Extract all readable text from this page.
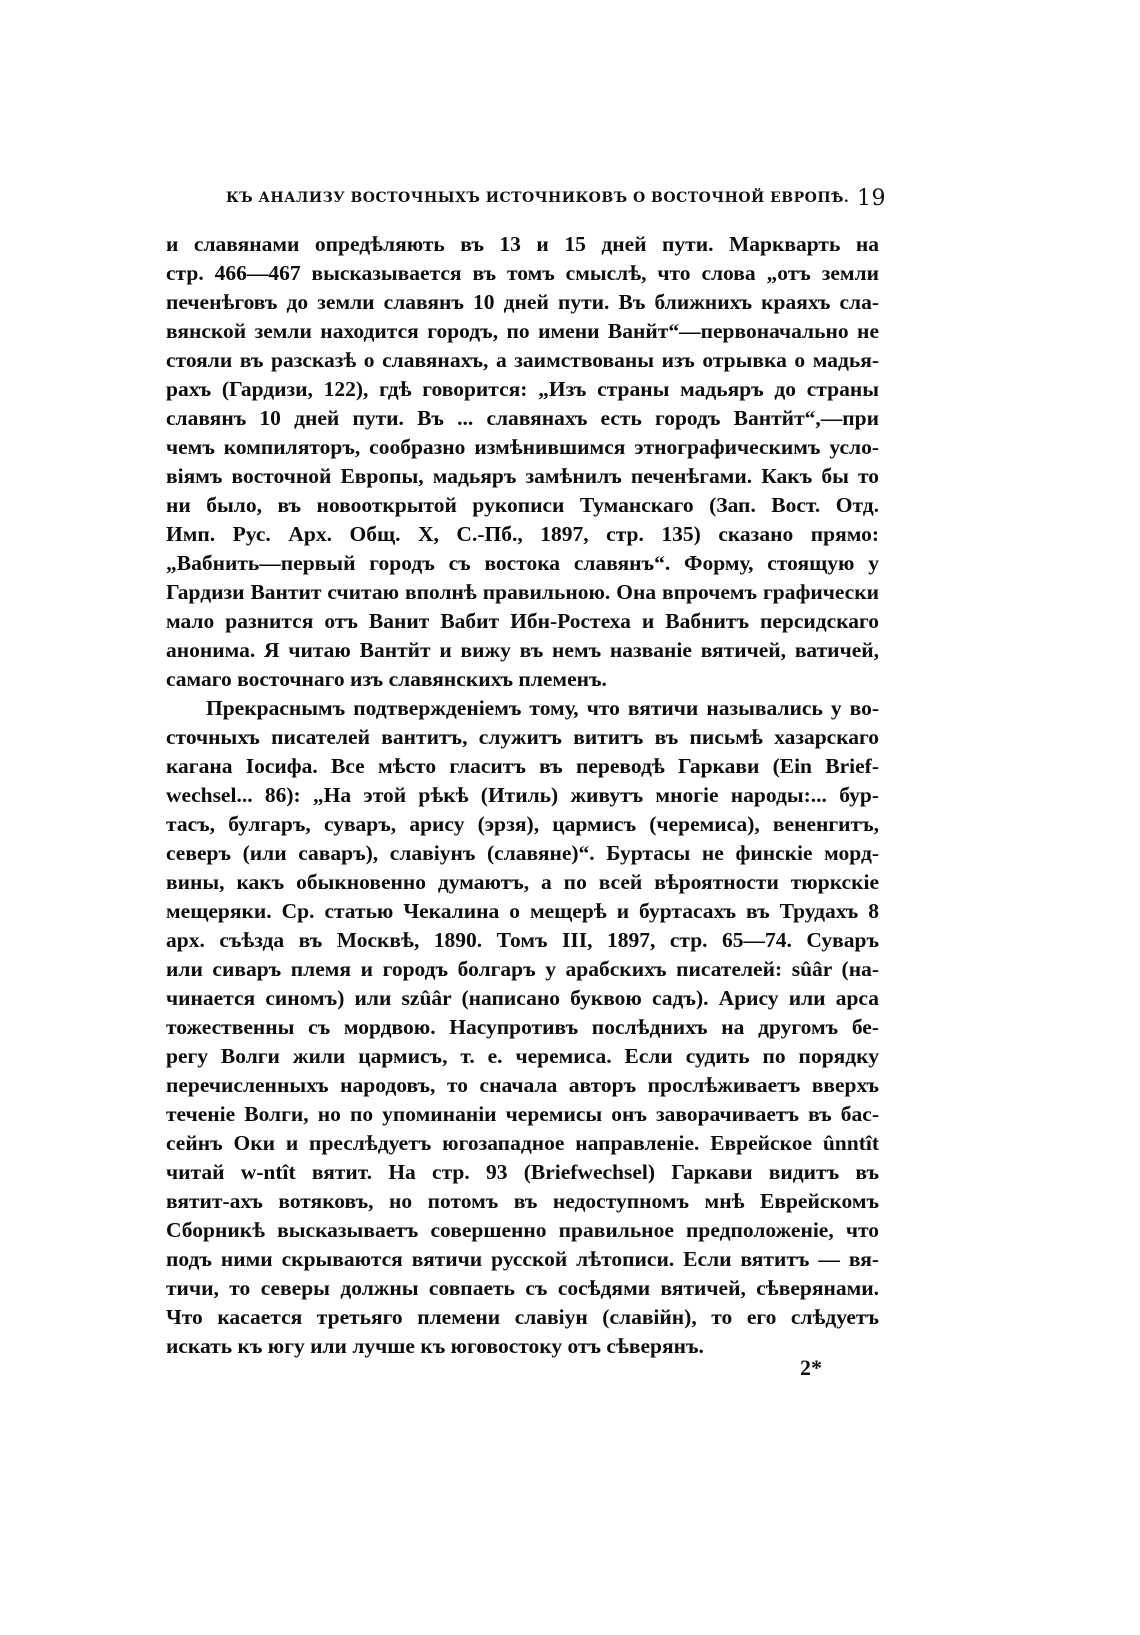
КЪ АНАЛИЗУ ВОСТОЧНЫХЪ ИСТОЧНИКОВЪ О ВОСТОЧНОЙ ЕВРОПѢ. 19
и славянами опредѣляють въ 13 и 15 дней пути. Маркварть на
стр. 466—467 высказывается въ томъ смыслѣ, что слова „отъ земли
печенѣговъ до земли славянъ 10 дней пути. Въ ближнихъ краяхъ сла-
вянской земли находится городъ, по имени Ванйт“—первоначально не
стояли въ разсказѣ о славянахъ, а заимствованы изъ отрывка о мадья-
рахъ (Гардизи, 122), гдѣ говорится: „Изъ страны мадьяръ до страны
славянъ 10 дней пути. Въ ... славянахъ есть городъ Вантйт“,—при
чемъ компиляторъ, сообразно измѣнившимся этнографическимъ усло-
віямъ восточной Европы, мадьяръ замѣнилъ печенѣгами. Какъ бы то
ни было, въ новооткрытой рукописи Туманскаго (Зап. Вост. Отд.
Имп. Рус. Арх. Общ. X, С.-Пб., 1897, стр. 135) сказано прямо:
„Вабнить—первый городъ съ востока славянъ“. Форму, стоящую у
Гардизи Вантит считаю вполнѣ правильною. Она впрочемъ графически
мало разнится отъ Ванит Вабит Ибн-Ростеха и Вабнитъ персидскаго
анонима. Я читаю Вантйт и вижу въ немъ названіе вятичей, ватичей,
самаго восточнаго изъ славянскихъ племенъ.
Прекраснымъ подтвержденіемъ тому, что вятичи назывались у во-
сточныхъ писателей вантитъ, служитъ вититъ въ письмѣ хазарскаго
кагана Іосифа. Все мѣсто гласитъ въ переводѣ Гаркави (Ein Brief-
wechsel... 86): „На этой рѣкѣ (Итиль) живутъ многіе народы:... бур-
тасъ, булгаръ, суваръ, арису (эрзя), цармисъ (черемиса), вененгитъ,
северъ (или саваръ), славіунъ (славяне)“. Буртасы не финскіе морд-
вины, какъ обыкновенно думаютъ, а по всей вѣроятности тюркскіе
мещеряки. Ср. статью Чекалина о мещерѣ и буртасахъ въ Трудахъ 8
арх. съѣзда въ Москвѣ, 1890. Томъ III, 1897, стр. 65—74. Суваръ
или сиваръ племя и городъ болгаръ у арабскихъ писателей: sûâr (на-
чинается синомъ) или szûâr (написано буквою садъ). Арису или арса
тожественны съ мордвою. Насупротивъ послѣднихъ на другомъ бе-
регу Волги жили цармисъ, т. е. черемиса. Если судить по порядку
перечисленныхъ народовъ, то сначала авторъ прослѣживаетъ вверхъ
теченіе Волги, но по упоминаніи черемисы онъ заворачиваетъ въ бас-
сейнъ Оки и преслѣдуетъ югозападное направленіе. Еврейское ûnntît
читай w-ntît вятит. На стр. 93 (Briefwechsel) Гаркави видитъ въ
вятит-ахъ вотяковъ, но потомъ въ недоступномъ мнѣ Еврейскомъ
Сборникѣ высказываетъ совершенно правильное предположеніе, что
подъ ними скрываются вятичи русской лѣтописи. Если вятитъ — вя-
тичи, то северы должны совпаеть съ сосѣдями вятичей, сѣверянами.
Что касается третьяго племени славіун (славійн), то его слѣдуетъ
искать къ югу или лучше къ юговостоку отъ сѣверянъ.
2*
